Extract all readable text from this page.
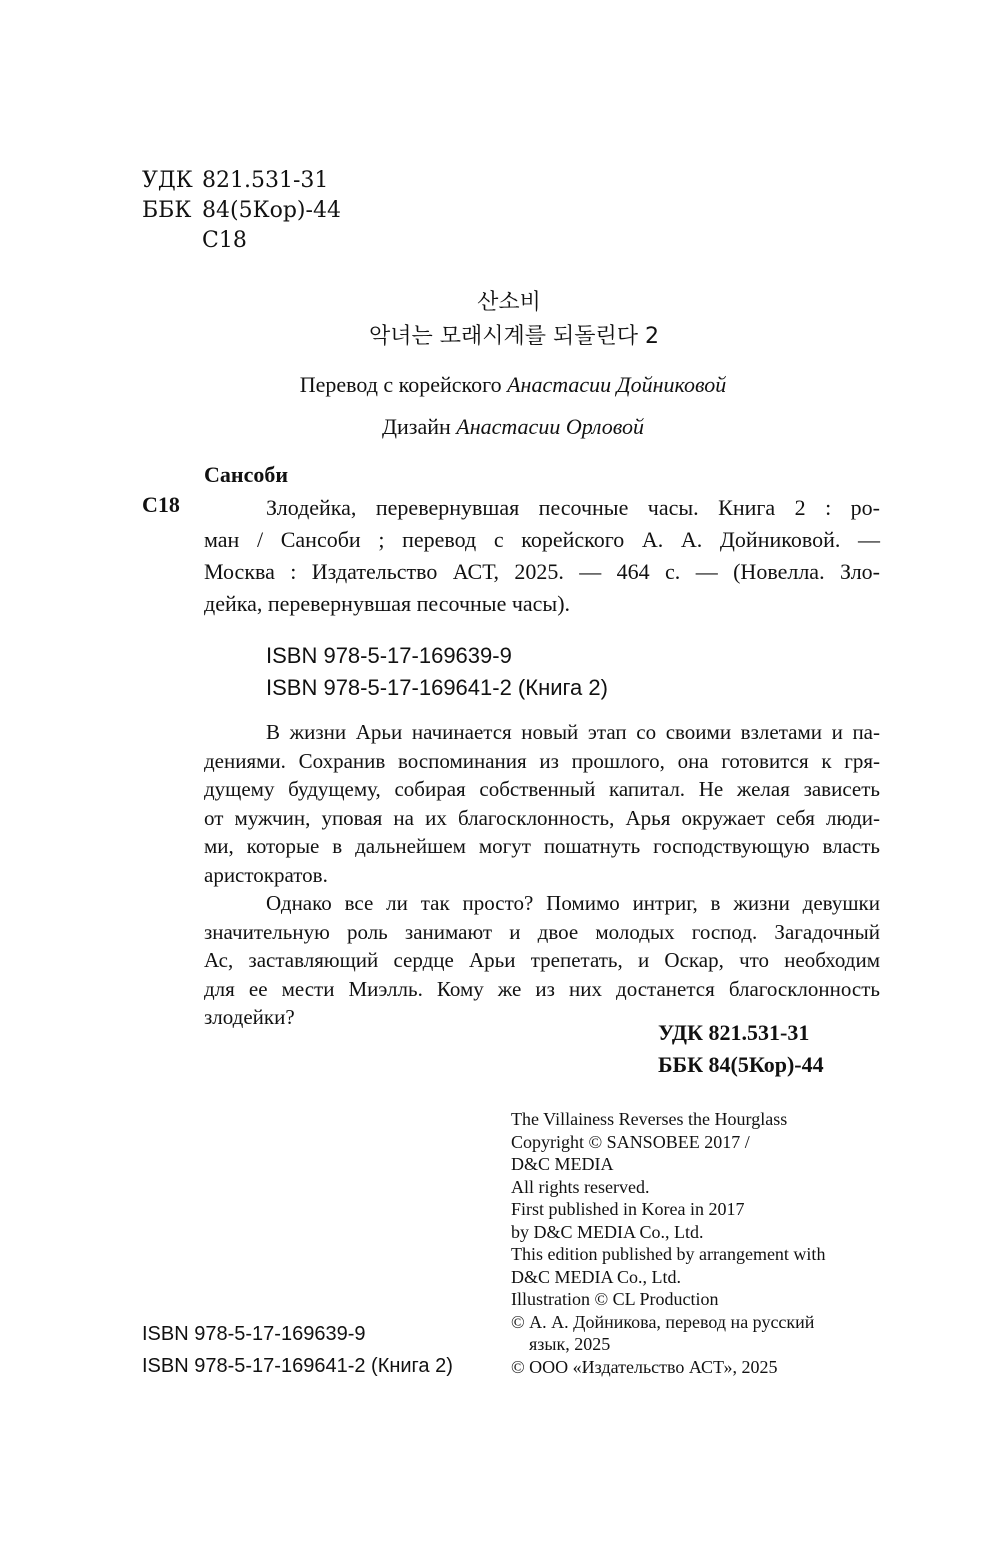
УДК 821.531-31
ББК 84(5Кор)-44
С18
산소비
악녀는 모래시계를 되돌린다 2
Перевод с корейского Анастасии Дойниковой
Дизайн Анастасии Орловой
Сансоби
С18	Злодейка, перевернувшая песочные часы. Книга 2 : ро-
ман / Сансоби ; перевод с корейского А. А. Дойниковой. —
Москва : Издательство АСТ, 2025. — 464 с. — (Новелла. Зло-
дейка, перевернувшая песочные часы).
ISBN 978-5-17-169639-9
ISBN 978-5-17-169641-2 (Книга 2)
В жизни Арьи начинается новый этап со своими взлетами и па-
дениями. Сохранив воспоминания из прошлого, она готовится к гря-
дущему будущему, собирая собственный капитал. Не желая зависеть
от мужчин, уповая на их благосклонность, Арья окружает себя люди-
ми, которые в дальнейшем могут пошатнуть господствующую власть
аристократов.
Однако все ли так просто? Помимо интриг, в жизни девушки
значительную роль занимают и двое молодых господ. Загадочный
Ас, заставляющий сердце Арьи трепетать, и Оскар, что необходим
для ее мести Миэлль. Кому же из них достанется благосклонность
злодейки?
УДК 821.531-31
ББК 84(5Кор)-44
The Villainess Reverses the Hourglass
Copyright © SANSOBEE 2017 /
D&C MEDIA
All rights reserved.
First published in Korea in 2017
by D&C MEDIA Co., Ltd.
This edition published by arrangement with
D&C MEDIA Co., Ltd.
Illustration © CL Production
© А. А. Дойникова, перевод на русский
язык, 2025
© ООО «Издательство АСТ», 2025
ISBN 978-5-17-169639-9
ISBN 978-5-17-169641-2 (Книга 2)
